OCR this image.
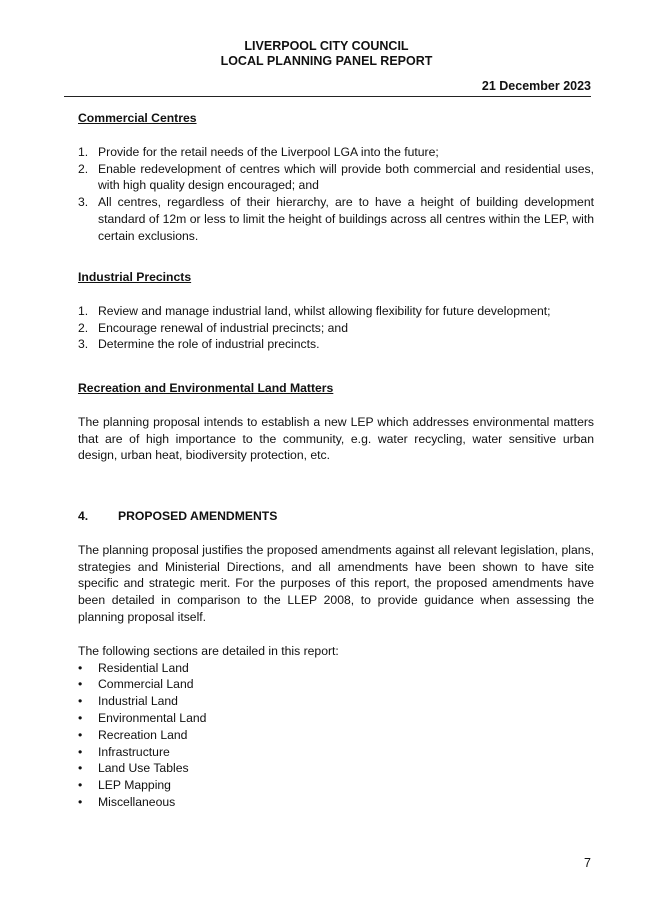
LIVERPOOL CITY COUNCIL
LOCAL PLANNING PANEL REPORT
21 December 2023
Commercial Centres
1. Provide for the retail needs of the Liverpool LGA into the future;
2. Enable redevelopment of centres which will provide both commercial and residential uses, with high quality design encouraged; and
3. All centres, regardless of their hierarchy, are to have a height of building development standard of 12m or less to limit the height of buildings across all centres within the LEP, with certain exclusions.
Industrial Precincts
1. Review and manage industrial land, whilst allowing flexibility for future development;
2. Encourage renewal of industrial precincts; and
3. Determine the role of industrial precincts.
Recreation and Environmental Land Matters

The planning proposal intends to establish a new LEP which addresses environmental matters that are of high importance to the community, e.g. water recycling, water sensitive urban design, urban heat, biodiversity protection, etc.

4. PROPOSED AMENDMENTS

The planning proposal justifies the proposed amendments against all relevant legislation, plans, strategies and Ministerial Directions, and all amendments have been shown to have site specific and strategic merit. For the purposes of this report, the proposed amendments have been detailed in comparison to the LLEP 2008, to provide guidance when assessing the planning proposal itself.

The following sections are detailed in this report:

• Residential Land
• Commercial Land
• Industrial Land
• Environmental Land
• Recreation Land
• Infrastructure
• Land Use Tables
• LEP Mapping
• Miscellaneous
7
